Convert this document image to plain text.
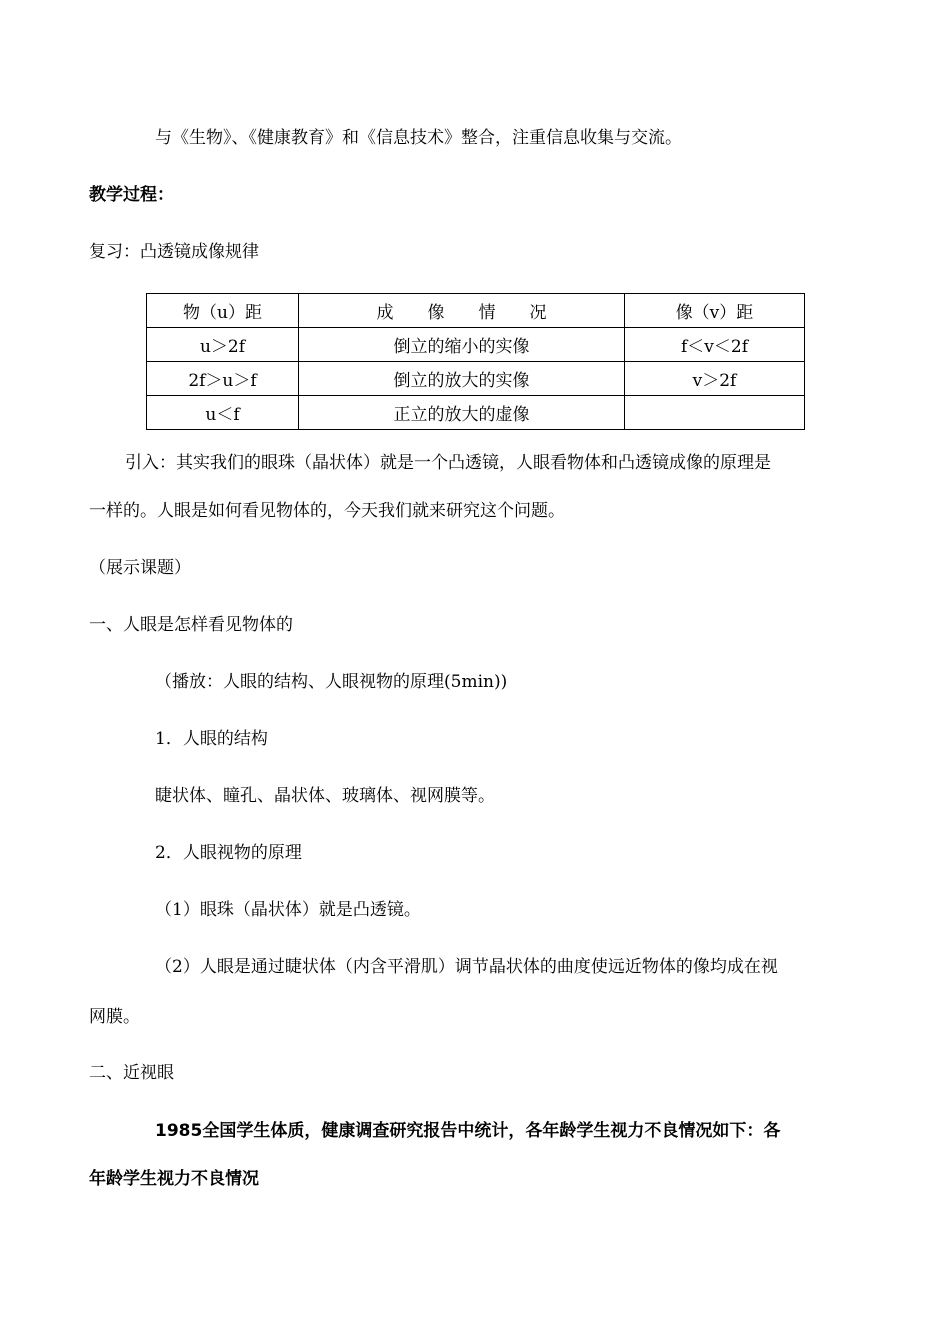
与《生物》、《健康教育》和《信息技术》整合，注重信息收集与交流。
教学过程：
复习：凸透镜成像规律
物（u）距	成　　像　　情　　况	像（v）距
u＞2f	倒立的缩小的实像	f＜v＜2f
2f＞u＞f	倒立的放大的实像	v＞2f
u＜f	正立的放大的虚像	
引入：其实我们的眼珠（晶状体）就是一个凸透镜，人眼看物体和凸透镜成像的原理是
一样的。人眼是如何看见物体的，今天我们就来研究这个问题。
（展示课题）
一、人眼是怎样看见物体的
（播放：人眼的结构、人眼视物的原理(5min))
1．人眼的结构
睫状体、瞳孔、晶状体、玻璃体、视网膜等。
2．人眼视物的原理
（1）眼珠（晶状体）就是凸透镜。
（2）人眼是通过睫状体（内含平滑肌）调节晶状体的曲度使远近物体的像均成在视
网膜。
二、近视眼
1985全国学生体质，健康调查研究报告中统计，各年龄学生视力不良情况如下：各
年龄学生视力不良情况
